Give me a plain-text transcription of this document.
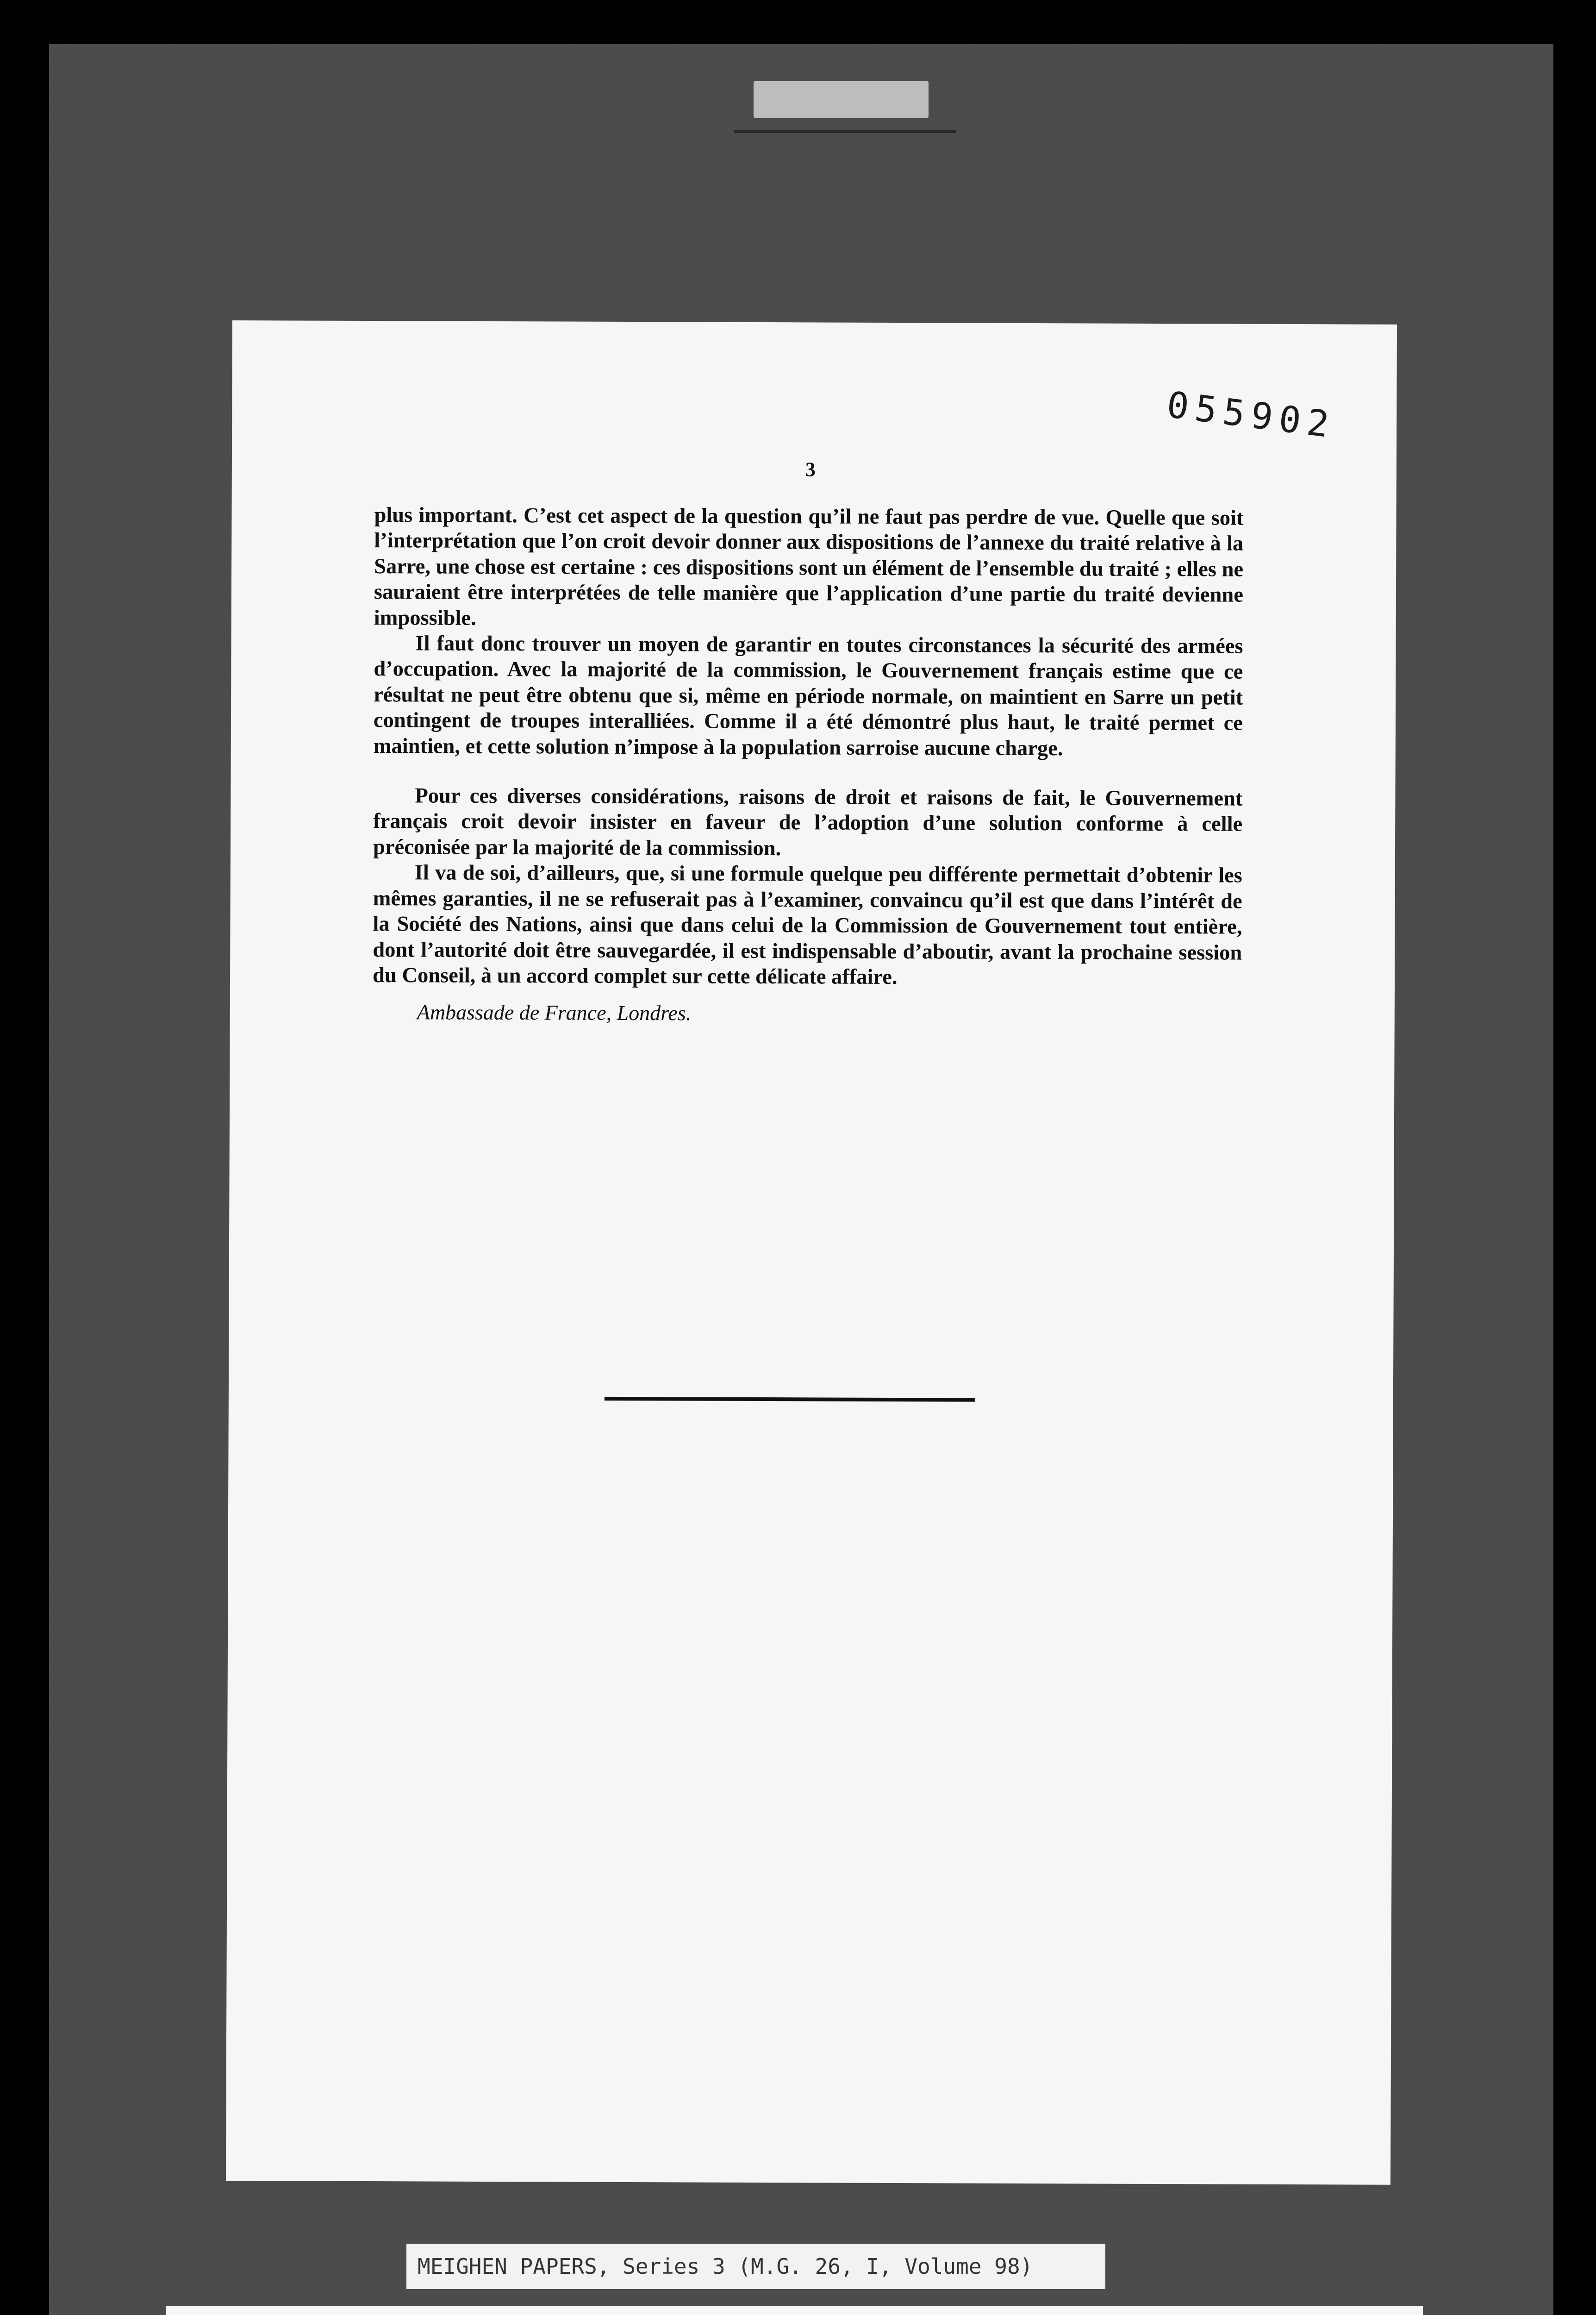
055902
3

plus important. C’est cet aspect de la question qu’il ne faut pas perdre de vue. Quelle que soit l’interprétation que l’on croit devoir donner aux dispositions de l’annexe du traité relative à la Sarre, une chose est certaine : ces dispositions sont un élément de l’ensemble du traité ; elles ne sauraient être interprétées de telle manière que l’application d’une partie du traité devienne impossible.

Il faut donc trouver un moyen de garantir en toutes circonstances la sécurité des armées d’occupation. Avec la majorité de la commission, le Gouvernement français estime que ce résultat ne peut être obtenu que si, même en période normale, on maintient en Sarre un petit contingent de troupes interalliées. Comme il a été démontré plus haut, le traité permet ce maintien, et cette solution n’impose à la population sarroise aucune charge.

Pour ces diverses considérations, raisons de droit et raisons de fait, le Gouvernement français croit devoir insister en faveur de l’adoption d’une solution conforme à celle préconisée par la majorité de la commission.

Il va de soi, d’ailleurs, que, si une formule quelque peu différente permettait d’obtenir les mêmes garanties, il ne se refuserait pas à l’examiner, convaincu qu’il est que dans l’intérêt de la Société des Nations, ainsi que dans celui de la Commission de Gouvernement tout entière, dont l’autorité doit être sauvegardée, il est indispensable d’aboutir, avant la prochaine session du Conseil, à un accord complet sur cette délicate affaire.

Ambassade de France, Londres.
MEIGHEN PAPERS, Series 3 (M.G. 26, I, Volume 98)
